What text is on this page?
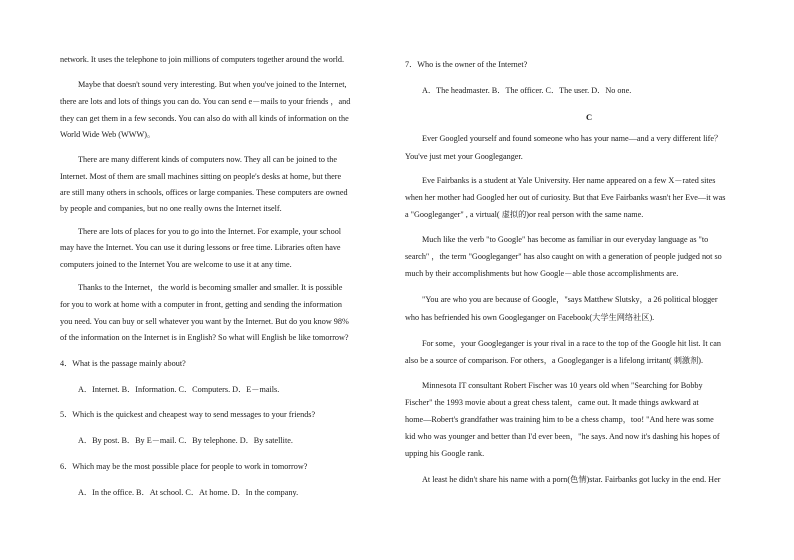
network. It uses the telephone to join millions of computers together around the world.
Maybe that doesn't sound very interesting. But when you've joined to the Internet,
there are lots and lots of things you can do. You can send e－mails to your friends ，and
they can get them in a few seconds. You can also do with all kinds of information on the
World Wide Web (WWW)。
There are many different kinds of computers now. They all can be joined to the
Internet. Most of them are small machines sitting on people's desks at home, but there
are still many others in schools, offices or large companies. These computers are owned
by people and companies, but no one really owns the Internet itself.
There are lots of places for you to go into the Internet. For example, your school
may have the Internet. You can use it during lessons or free time. Libraries often have
computers joined to the Internet You are welcome to use it at any time.
Thanks to the Internet，the world is becoming smaller and smaller. It is possible
for you to work at home with a computer in front, getting and sending the information
you need. You can buy or sell whatever you want by the Internet. But do you know 98%
of the information on the Internet is in English? So what will English be like tomorrow?
4．What is the passage mainly about?
A．Internet. B．Information. C．Computers. D．E－mails.
5．Which is the quickest and cheapest way to send messages to your friends?
A．By post. B．By E－mail. C．By telephone. D．By satellite.
6．Which may be the most possible place for people to work in tomorrow?
A．In the office. B．At school. C．At home. D．In the company.
7．Who is the owner of the Internet?
A．The headmaster. B．The officer. C．The user. D．No one.
C
Ever Googled yourself and found someone who has your name—and a very different life？
You've just met your Googleganger.
Eve Fairbanks is a student at Yale University. Her name appeared on a few X－rated sites
when her mother had Googled her out of curiosity. But that Eve Fairbanks wasn't her Eve—it was
a "Googleganger" , a virtual( 虚拟的)or real person with the same name.
Much like the verb "to Google" has become as familiar in our everyday language as "to
search" ，the term "Googleganger" has also caught on with a generation of people judged not so
much by their accomplishments but how Google－able those accomplishments are.
"You are who you are because of Google，"says Matthew Slutsky，a 26 political blogger
who has befriended his own Googleganger on Facebook(大学生网络社区).
For some，your Googleganger is your rival in a race to the top of the Google hit list. It can
also be a source of comparison. For others，a Googleganger is a lifelong irritant( 刺激剂).
Minnesota IT consultant Robert Fischer was 10 years old when "Searching for Bobby
Fischer" the 1993 movie about a great chess talent，came out. It made things awkward at
home—Robert's grandfather was training him to be a chess champ，too! "And here was some
kid who was younger and better than I'd ever been，"he says. And now it's dashing his hopes of
upping his Google rank.
At least he didn't share his name with a porn(色情)star. Fairbanks got lucky in the end. Her
